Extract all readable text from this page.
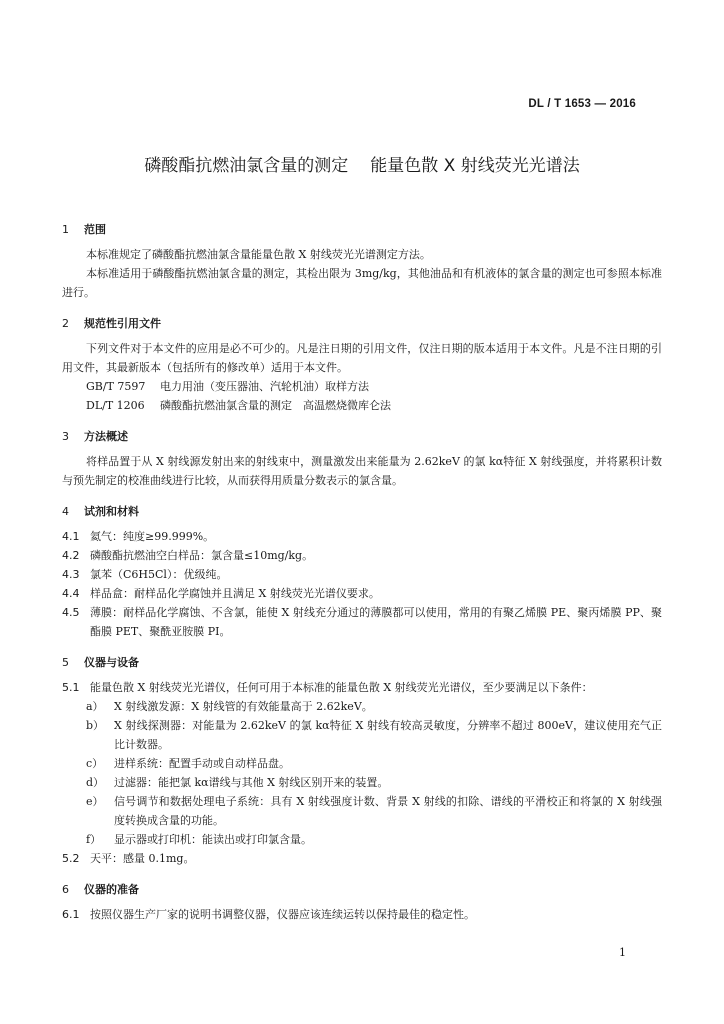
DL / T 1653 — 2016
磷酸酯抗燃油氯含量的测定 能量色散 X 射线荧光光谱法
1 范围

本标准规定了磷酸酯抗燃油氯含量能量色散 X 射线荧光光谱测定方法。

本标准适用于磷酸酯抗燃油氯含量的测定，其检出限为 3mg/kg，其他油品和有机液体的氯含量的测定也可参照本标准进行。

2 规范性引用文件

下列文件对于本文件的应用是必不可少的。凡是注日期的引用文件，仅注日期的版本适用于本文件。凡是不注日期的引用文件，其最新版本（包括所有的修改单）适用于本文件。

GB/T 7597 电力用油（变压器油、汽轮机油）取样方法
DL/T 1206 磷酸酯抗燃油氯含量的测定　高温燃烧微库仑法
3 方法概述

将样品置于从 X 射线源发射出来的射线束中，测量激发出来能量为 2.62keV 的氯 kα特征 X 射线强度，并将累积计数与预先制定的校准曲线进行比较，从而获得用质量分数表示的氯含量。

4 试剂和材料
4.1 氦气：纯度≥99.999%。
4.2 磷酸酯抗燃油空白样品：氯含量≤10mg/kg。
4.3 氯苯（C6H5Cl）：优级纯。
4.4 样品盒：耐样品化学腐蚀并且满足 X 射线荧光光谱仪要求。
4.5 薄膜：耐样品化学腐蚀、不含氯，能使 X 射线充分通过的薄膜都可以使用，常用的有聚乙烯膜 PE、聚丙烯膜 PP、聚酯膜 PET、聚酰亚胺膜 PI。
5 仪器与设备
5.1 能量色散 X 射线荧光光谱仪，任何可用于本标准的能量色散 X 射线荧光光谱仪，至少要满足以下条件：
a） X 射线激发源：X 射线管的有效能量高于 2.62keV。
b） X 射线探测器：对能量为 2.62keV 的氯 kα特征 X 射线有较高灵敏度，分辨率不超过 800eV，建议使用充气正比计数器。
c） 进样系统：配置手动或自动样品盘。
d） 过滤器：能把氯 kα谱线与其他 X 射线区别开来的装置。
e） 信号调节和数据处理电子系统：具有 X 射线强度计数、背景 X 射线的扣除、谱线的平滑校正和将氯的 X 射线强度转换成含量的功能。
f）	显示器或打印机：能读出或打印氯含量。
5.2 天平：感量 0.1mg。
6 仪器的准备
6.1 按照仪器生产厂家的说明书调整仪器，仪器应该连续运转以保持最佳的稳定性。
1
